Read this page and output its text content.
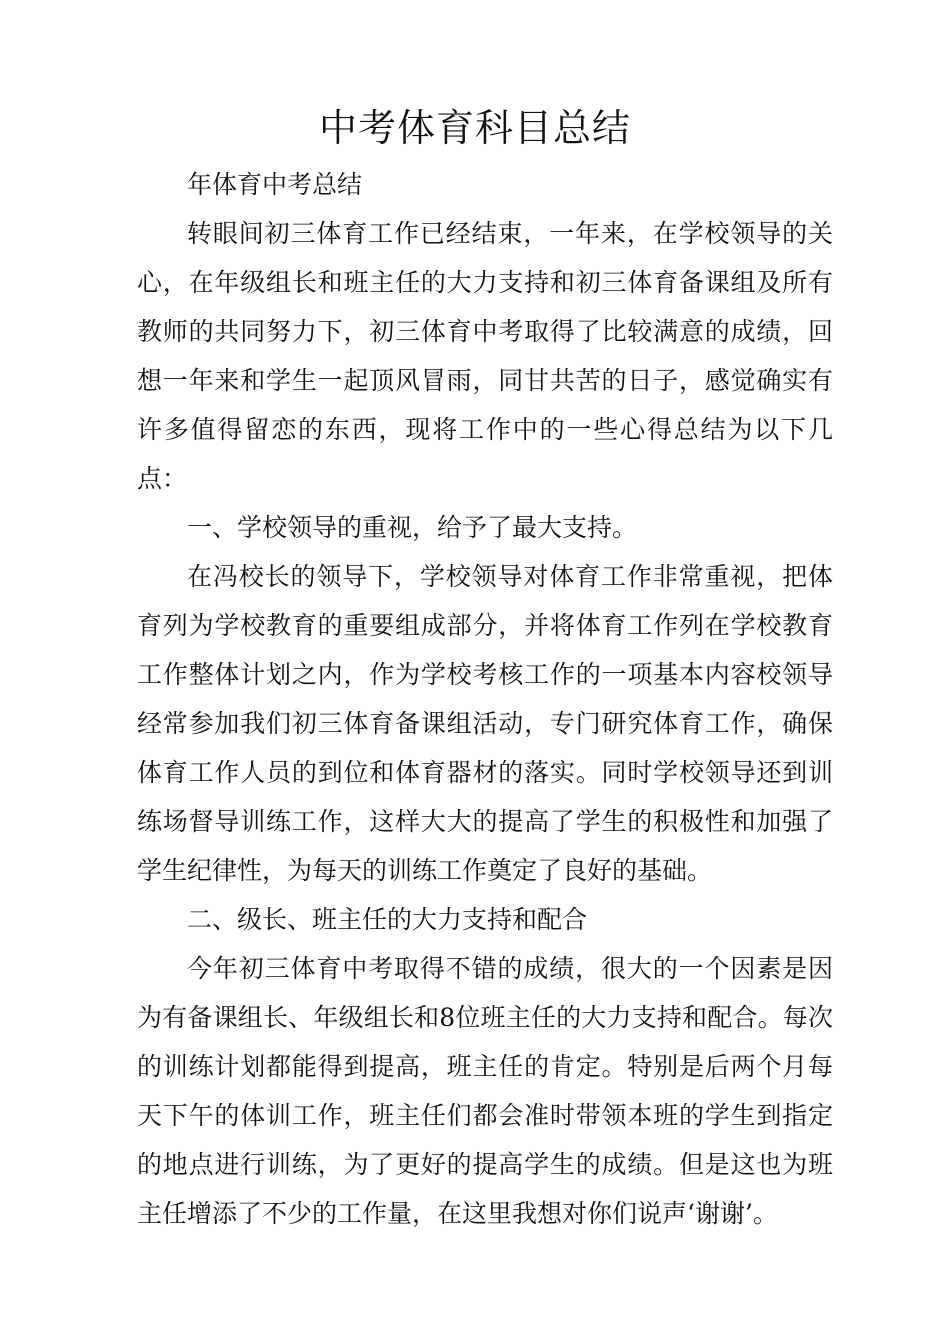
中考体育科目总结

年体育中考总结

转眼间初三体育工作已经结束，一年来，在学校领导的关心，在年级组长和班主任的大力支持和初三体育备课组及所有教师的共同努力下，初三体育中考取得了比较满意的成绩，回想一年来和学生一起顶风冒雨，同甘共苦的日子，感觉确实有许多值得留恋的东西，现将工作中的一些心得总结为以下几点：

一、学校领导的重视，给予了最大支持。

在冯校长的领导下，学校领导对体育工作非常重视，把体育列为学校教育的重要组成部分，并将体育工作列在学校教育工作整体计划之内，作为学校考核工作的一项基本内容校领导经常参加我们初三体育备课组活动，专门研究体育工作，确保体育工作人员的到位和体育器材的落实。同时学校领导还到训练场督导训练工作，这样大大的提高了学生的积极性和加强了学生纪律性，为每天的训练工作奠定了良好的基础。

二、级长、班主任的大力支持和配合

今年初三体育中考取得不错的成绩，很大的一个因素是因为有备课组长、年级组长和8位班主任的大力支持和配合。每次的训练计划都能得到提高，班主任的肯定。特别是后两个月每天下午的体训工作，班主任们都会准时带领本班的学生到指定的地点进行训练，为了更好的提高学生的成绩。但是这也为班主任增添了不少的工作量，在这里我想对你们说声‘谢谢’。
